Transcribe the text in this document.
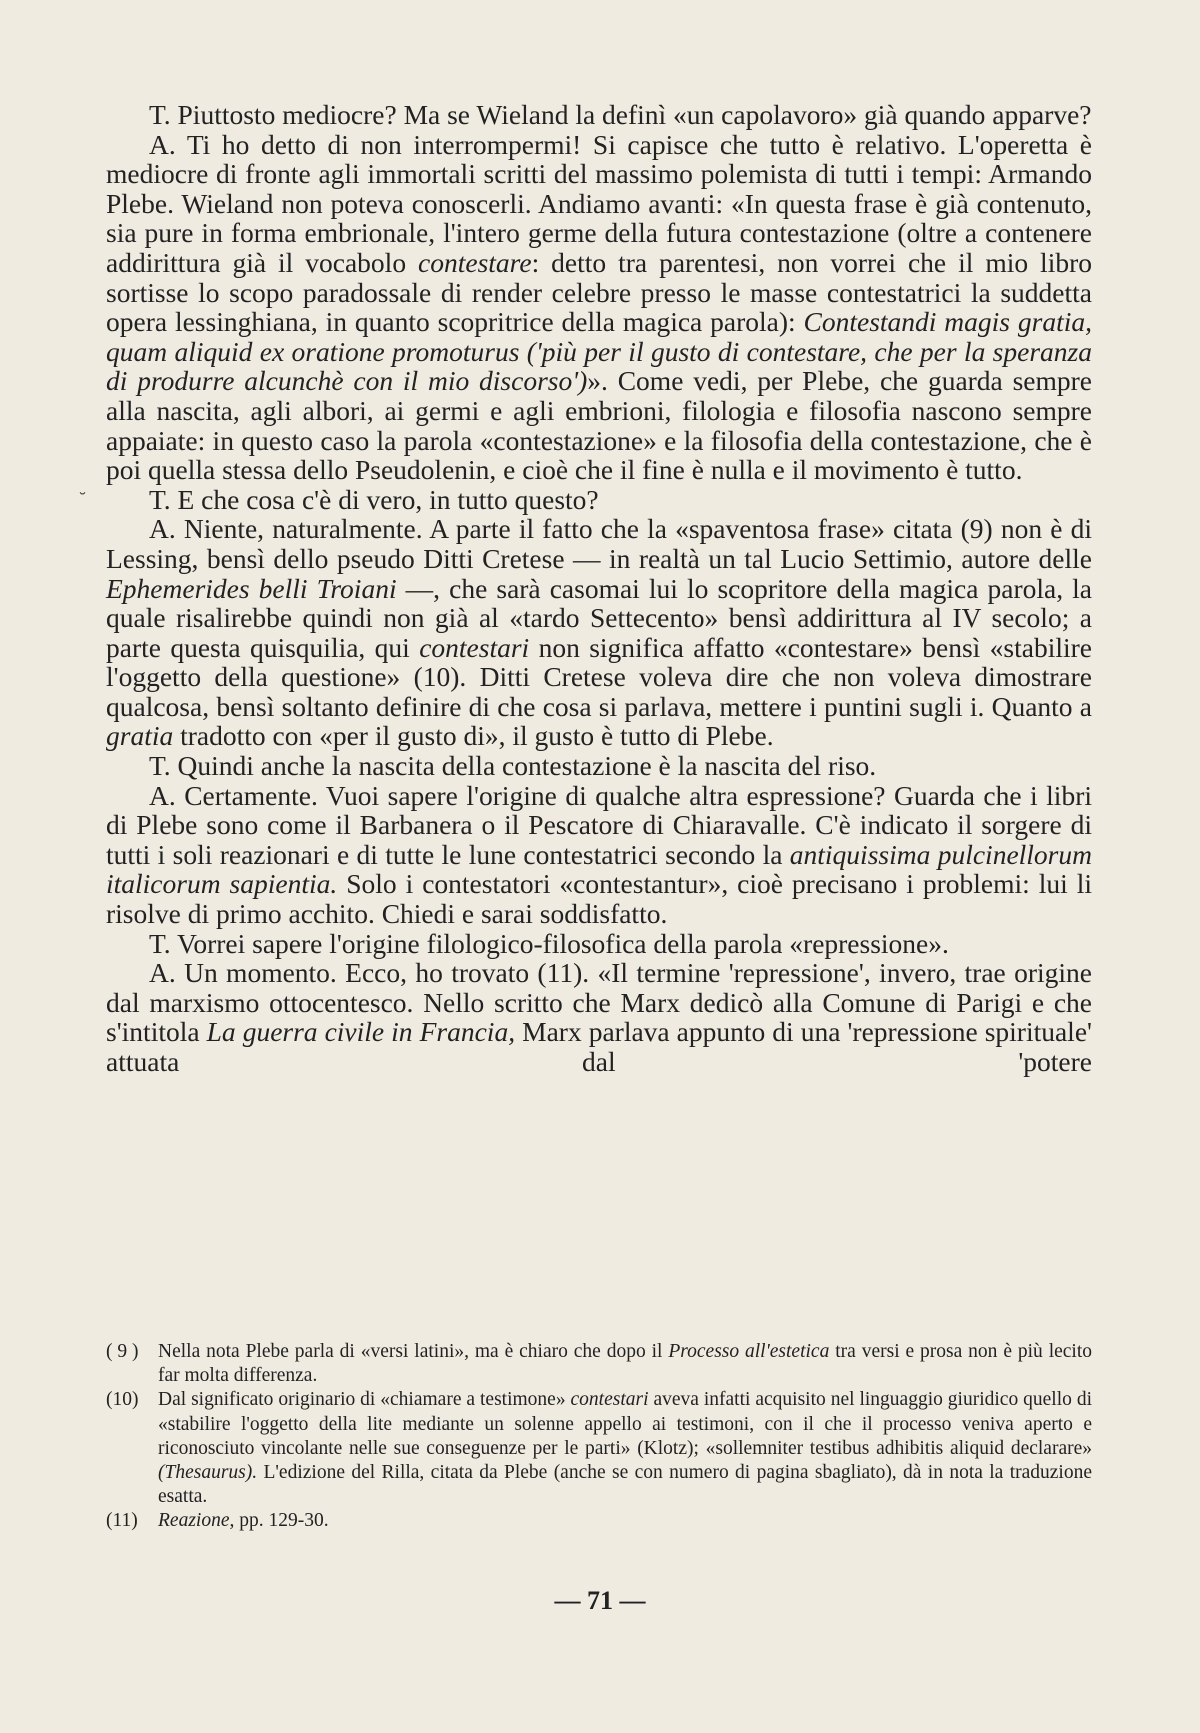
˘

T. Piuttosto mediocre? Ma se Wieland la definì «un capolavoro» già quando apparve?

A. Ti ho detto di non interrompermi! Si capisce che tutto è relativo. L'operetta è mediocre di fronte agli immortali scritti del massimo polemista di tutti i tempi: Armando Plebe. Wieland non poteva conoscerli. Andiamo avanti: «In questa frase è già contenuto, sia pure in forma embrionale, l'intero germe della futura contestazione (oltre a contenere addirittura già il vocabolo contestare: detto tra parentesi, non vorrei che il mio libro sortisse lo scopo paradossale di render celebre presso le masse contestatrici la suddetta opera lessinghiana, in quanto scopritrice della magica parola): Contestandi magis gratia, quam aliquid ex oratione promoturus ('più per il gusto di contestare, che per la speranza di produrre alcunchè con il mio discorso')». Come vedi, per Plebe, che guarda sempre alla nascita, agli albori, ai germi e agli embrioni, filologia e filosofia nascono sempre appaiate: in questo caso la parola «contestazione» e la filosofia della contestazione, che è poi quella stessa dello Pseudolenin, e cioè che il fine è nulla e il movimento è tutto.

T. E che cosa c'è di vero, in tutto questo?

A. Niente, naturalmente. A parte il fatto che la «spaventosa frase» citata (9) non è di Lessing, bensì dello pseudo Ditti Cretese — in realtà un tal Lucio Settimio, autore delle Ephemerides belli Troiani —, che sarà casomai lui lo scopritore della magica parola, la quale risalirebbe quindi non già al «tardo Settecento» bensì addirittura al IV secolo; a parte questa quisquilia, qui contestari non significa affatto «contestare» bensì «stabilire l'oggetto della questione» (10). Ditti Cretese voleva dire che non voleva dimostrare qualcosa, bensì soltanto definire di che cosa si parlava, mettere i puntini sugli i. Quanto a gratia tradotto con «per il gusto di», il gusto è tutto di Plebe.

T. Quindi anche la nascita della contestazione è la nascita del riso.

A. Certamente. Vuoi sapere l'origine di qualche altra espressione? Guarda che i libri di Plebe sono come il Barbanera o il Pescatore di Chiaravalle. C'è indicato il sorgere di tutti i soli reazionari e di tutte le lune contestatrici secondo la antiquissima pulcinellorum italicorum sapientia. Solo i contestatori «contestantur», cioè precisano i problemi: lui li risolve di primo acchito. Chiedi e sarai soddisfatto.

T. Vorrei sapere l'origine filologico-filosofica della parola «repressione».

A. Un momento. Ecco, ho trovato (11). «Il termine 'repressione', invero, trae origine dal marxismo ottocentesco. Nello scritto che Marx dedicò alla Comune di Parigi e che s'intitola La guerra civile in Francia, Marx parlava appunto di una 'repressione spirituale' attuata dal 'potere

( 9 )	Nella nota Plebe parla di «versi latini», ma è chiaro che dopo il Processo all'estetica tra versi e prosa non è più lecito far molta differenza.
(10)	Dal significato originario di «chiamare a testimone» contestari aveva infatti acquisito nel linguaggio giuridico quello di «stabilire l'oggetto della lite mediante un solenne appello ai testimoni, con il che il processo veniva aperto e riconosciuto vincolante nelle sue conseguenze per le parti» (Klotz); «sollemniter testibus adhibitis aliquid declarare» (Thesaurus). L'edizione del Rilla, citata da Plebe (anche se con numero di pagina sbagliato), dà in nota la traduzione esatta.
(11)	Reazione, pp. 129-30.
— 71 —
